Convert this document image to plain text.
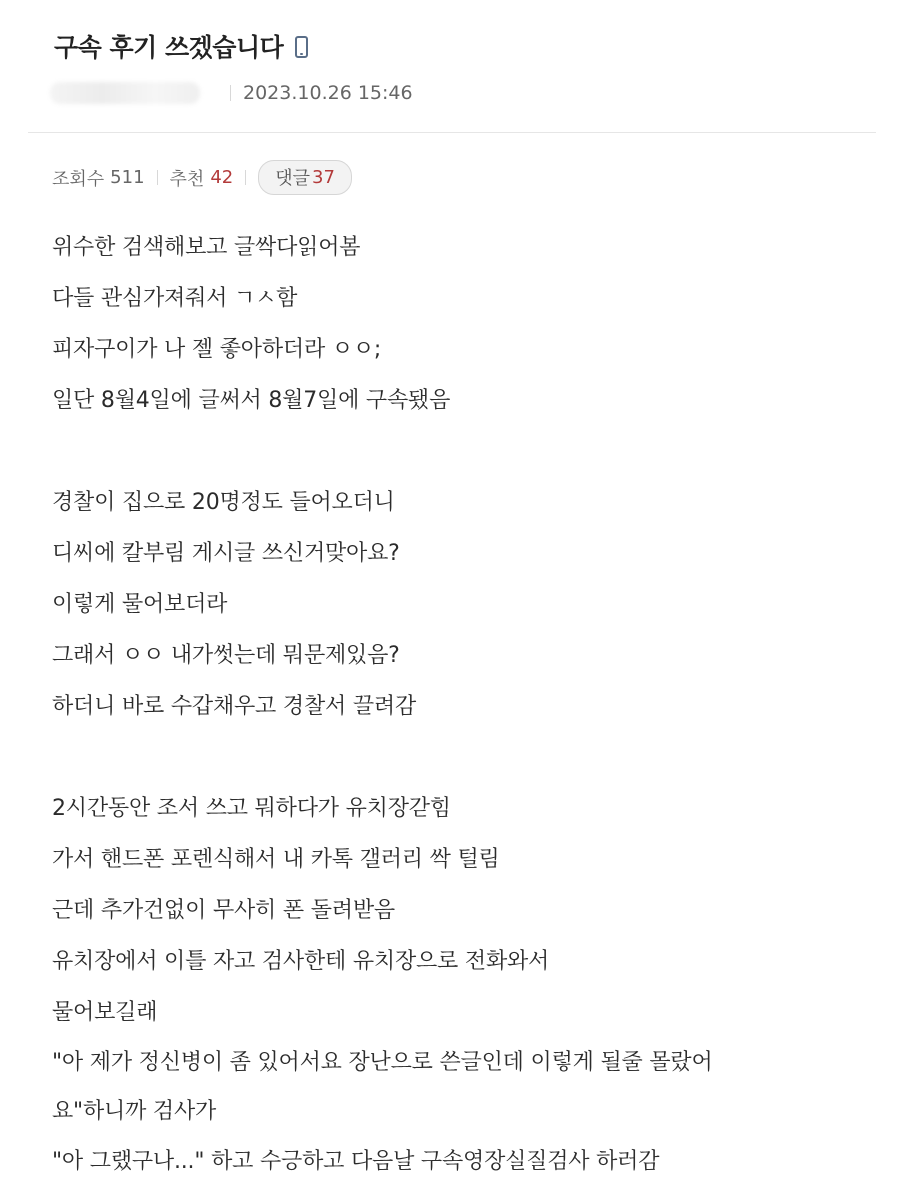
구속 후기 쓰겠습니다
2023.10.26 15:46
조회수 511 추천 42 댓글 37
위수한 검색해보고 글싹다읽어봄
다들 관심가져줘서 ㄱㅅ함
피자구이가 나 젤 좋아하더라 ㅇㅇ;
일단 8월4일에 글써서 8월7일에 구속됐음
경찰이 집으로 20명정도 들어오더니
디씨에 칼부림 게시글 쓰신거맞아요?
이렇게 물어보더라
그래서 ㅇㅇ 내가썻는데 뭐문제있음?
하더니 바로 수갑채우고 경찰서 끌려감
2시간동안 조서 쓰고 뭐하다가 유치장갇힘
가서 핸드폰 포렌식해서 내 카톡 갤러리 싹 털림
근데 추가건없이 무사히 폰 돌려받음
유치장에서 이틀 자고 검사한테 유치장으로 전화와서
물어보길래
"아 제가 정신병이 좀 있어서요 장난으로 쓴글인데 이렇게 될줄 몰랐어
요"하니까 검사가
"아 그랬구나..." 하고 수긍하고 다음날 구속영장실질검사 하러감
